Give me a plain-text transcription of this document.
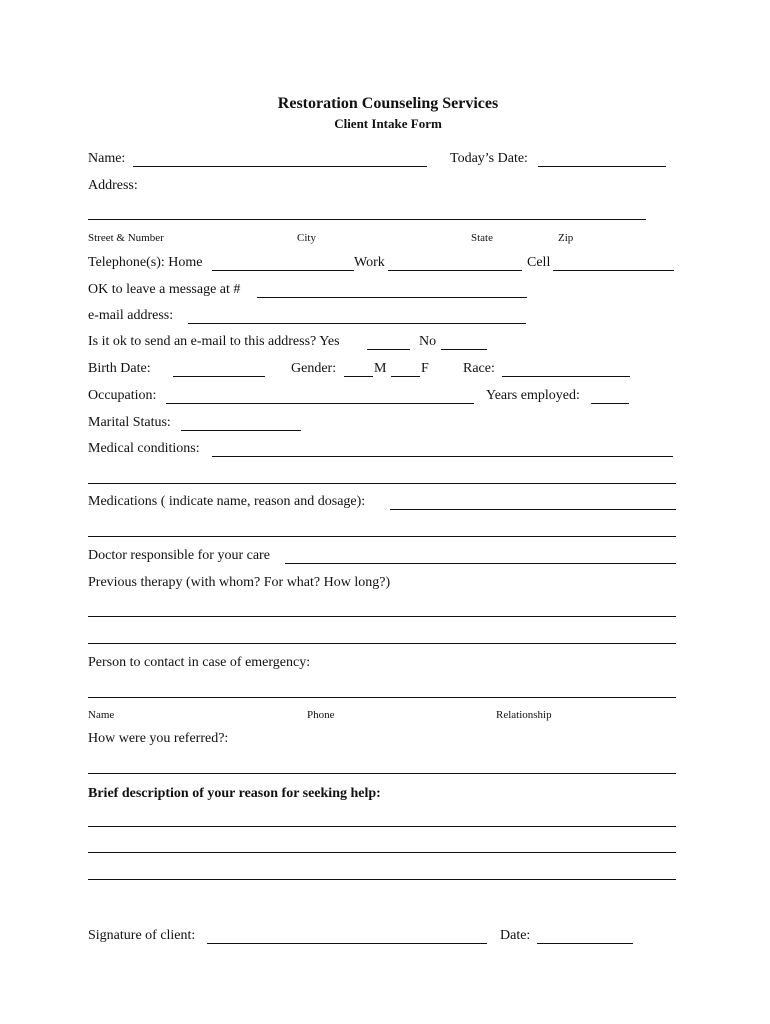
Restoration Counseling Services

Client Intake Form

Name:	Today’s Date:

Address:

Street & Number	City	State	Zip

Telephone(s): Home	Work	Cell

OK to leave a message at #

e-mail address:

Is it ok to send an e-mail to this address? Yes	No

Birth Date:	Gender:	M F Race:

Occupation:	Years employed:

Marital Status:

Medical conditions:

Medications ( indicate name, reason and dosage):

Doctor responsible for your care

Previous therapy (with whom? For what? How long?)

Person to contact in case of emergency:

Name	Phone	Relationship

How were you referred?:

Brief description of your reason for seeking help:

Signature of client:	Date:
